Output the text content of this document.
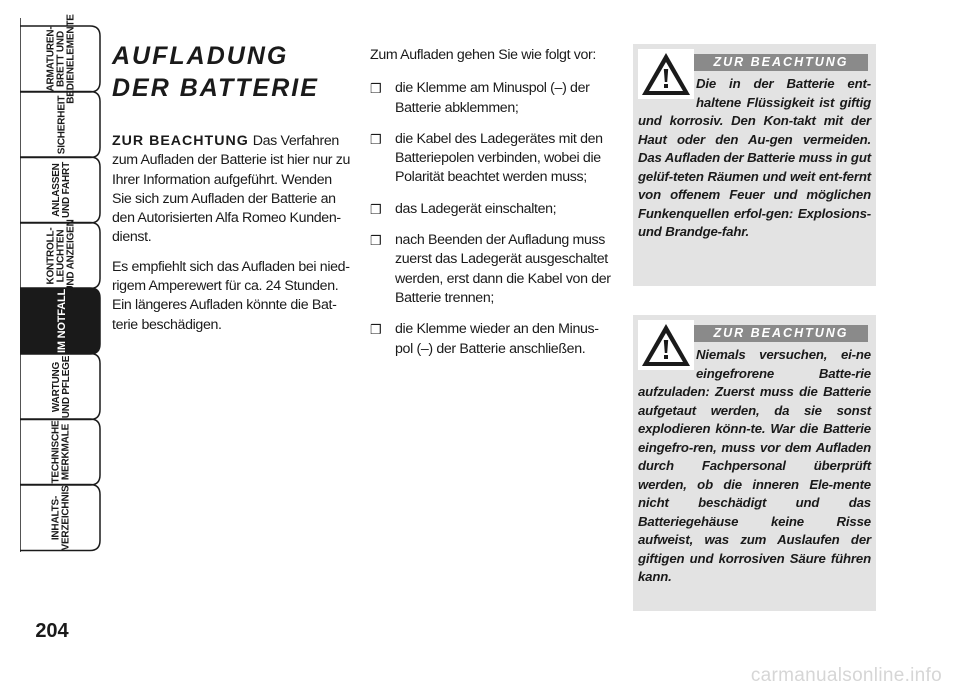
ARMATUREN-
BRETT UND
BEDIENELEMENTE
SICHERHEIT
ANLASSEN
UND FAHRT
KONTROLL-
LEUCHTEN
UND ANZEIGEN
IM NOTFALL
WARTUNG
UND PFLEGE
TECHNISCHE
MERKMALE
INHALTS-
VERZEICHNIS
204
AUFLADUNG DER BATTERIE

ZUR BEACHTUNG Das Verfahren zum Aufladen der Batterie ist hier nur zu Ihrer Information aufgeführt. Wenden Sie sich zum Aufladen der Batterie an den Autorisierten Alfa Romeo Kunden-dienst.

Es empfiehlt sich das Aufladen bei nied-rigem Amperewert für ca. 24 Stunden. Ein längeres Aufladen könnte die Bat-terie beschädigen.

Zum Aufladen gehen Sie wie folgt vor:

❒ die Klemme am Minuspol (–) der Batterie abklemmen;
❒ die Kabel des Ladegerätes mit den Batteriepolen verbinden, wobei die Polarität beachtet werden muss;
❒ das Ladegerät einschalten;
❒ nach Beenden der Aufladung muss zuerst das Ladegerät ausgeschaltet werden, erst dann die Kabel von der Batterie trennen;
❒ die Klemme wieder an den Minus-pol (–) der Batterie anschließen.
ZUR BEACHTUNG
Die in der Batterie ent-haltene Flüssigkeit ist giftig und korrosiv. Den Kon-takt mit der Haut oder den Au-gen vermeiden. Das Aufladen der Batterie muss in gut gelüf-teten Räumen und weit ent-fernt von offenem Feuer und möglichen Funkenquellen erfol-gen: Explosions- und Brandge-fahr.
ZUR BEACHTUNG
Niemals versuchen, ei-ne eingefrorene Batte-rie aufzuladen: Zuerst muss die Batterie aufgetaut werden, da sie sonst explodieren könn-te. War die Batterie eingefro-ren, muss vor dem Aufladen durch Fachpersonal überprüft werden, ob die inneren Ele-mente nicht beschädigt und das Batteriegehäuse keine Risse aufweist, was zum Auslaufen der giftigen und korrosiven Säure führen kann.
carmanualsonline.info
